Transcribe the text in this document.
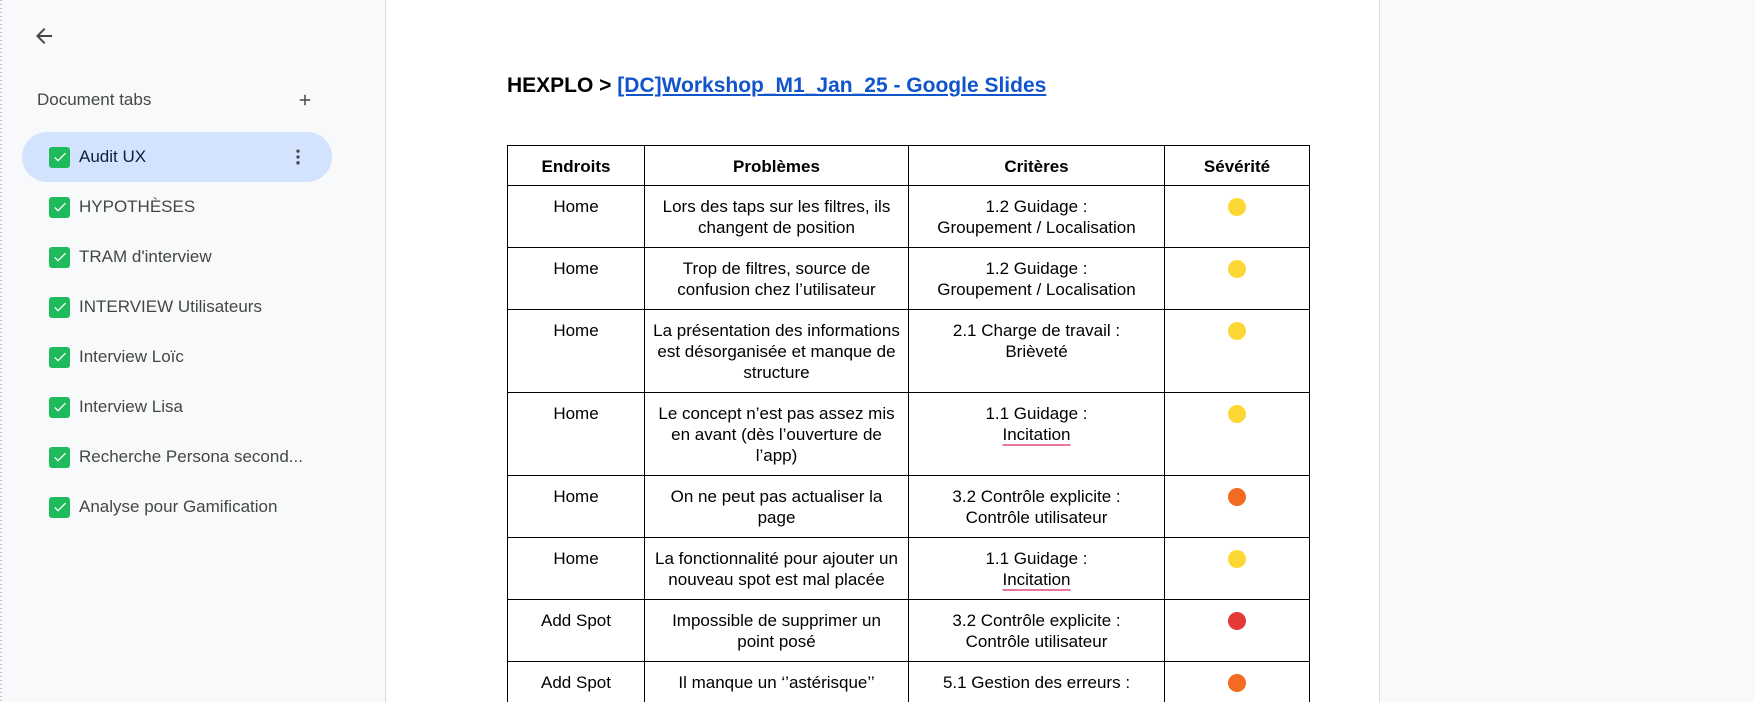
Document tabs
Audit UX
HYPOTHÈSES
TRAM d'interview
INTERVIEW Utilisateurs
Interview Loïc
Interview Lisa
Recherche Persona second...
Analyse pour Gamification
HEXPLO > [DC]Workshop_M1_Jan_25 - Google Slides
Endroits	Problèmes	Critères	Sévérité
Home	Lors des taps sur les filtres, ils changent de position	1.2 Guidage :
Groupement / Localisation	
Home	Trop de filtres, source de confusion chez l’utilisateur	1.2 Guidage :
Groupement / Localisation	
Home	La présentation des informations est désorganisée et manque de structure	2.1 Charge de travail :
Brièveté	
Home	Le concept n’est pas assez mis en avant (dès l’ouverture de l’app)	1.1 Guidage :
Incitation	
Home	On ne peut pas actualiser la page	3.2 Contrôle explicite :
Contrôle utilisateur	
Home	La fonctionnalité pour ajouter un nouveau spot est mal placée	1.1 Guidage :
Incitation	
Add Spot	Impossible de supprimer un point posé	3.2 Contrôle explicite :
Contrôle utilisateur	
Add Spot	Il manque un ‘’astérisque’’	5.1 Gestion des erreurs :
